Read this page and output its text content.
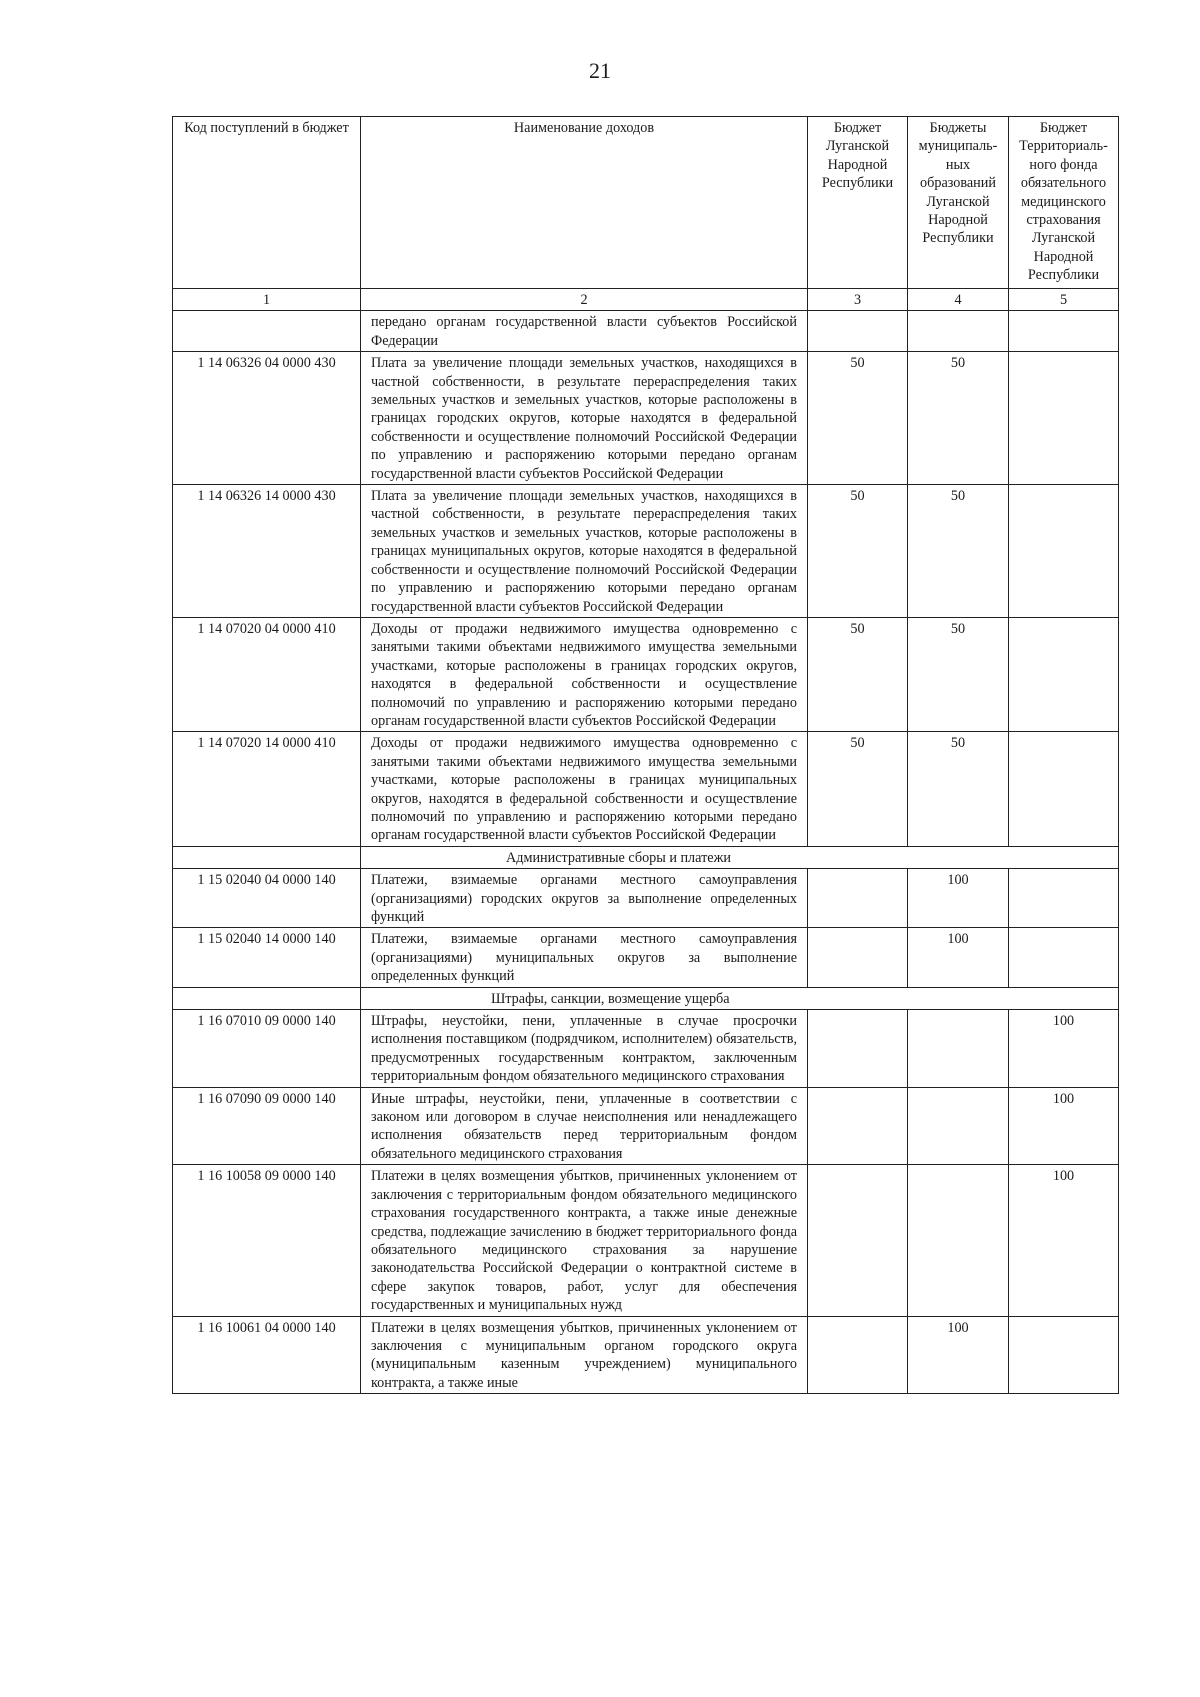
21
Код поступлений в бюджет	Наименование доходов	Бюджет Луганской Народной Республики	Бюджеты муниципаль-ных образований Луганской Народной Республики	Бюджет Территориаль-ного фонда обязательного медицинского страхования Луганской Народной Республики
1	2	3	4	5
	передано органам государственной власти субъектов Российской Федерации			
1 14 06326 04 0000 430	Плата за увеличение площади земельных участков, находящихся в частной собственности, в результате перераспределения таких земельных участков и земельных участков, которые расположены в границах городских округов, которые находятся в федеральной собственности и осуществление полномочий Российской Федерации по управлению и распоряжению которыми передано органам государственной власти субъектов Российской Федерации	50	50	
1 14 06326 14 0000 430	Плата за увеличение площади земельных участков, находящихся в частной собственности, в результате перераспределения таких земельных участков и земельных участков, которые расположены в границах муниципальных округов, которые находятся в федеральной собственности и осуществление полномочий Российской Федерации по управлению и распоряжению которыми передано органам государственной власти субъектов Российской Федерации	50	50	
1 14 07020 04 0000 410	Доходы от продажи недвижимого имущества одновременно с занятыми такими объектами недвижимого имущества земельными участками, которые расположены в границах городских округов, находятся в федеральной собственности и осуществление полномочий по управлению и распоряжению которыми передано органам государственной власти субъектов Российской Федерации	50	50	
1 14 07020 14 0000 410	Доходы от продажи недвижимого имущества одновременно с занятыми такими объектами недвижимого имущества земельными участками, которые расположены в границах муниципальных округов, находятся в федеральной собственности и осуществление полномочий по управлению и распоряжению которыми передано органам государственной власти субъектов Российской Федерации	50	50	
	Административные сборы и платежи			
1 15 02040 04 0000 140	Платежи, взимаемые органами местного самоуправления (организациями) городских округов за выполнение определенных функций		100	
1 15 02040 14 0000 140	Платежи, взимаемые органами местного самоуправления (организациями) муниципальных округов за выполнение определенных функций		100	
	Штрафы, санкции, возмещение ущерба			
1 16 07010 09 0000 140	Штрафы, неустойки, пени, уплаченные в случае просрочки исполнения поставщиком (подрядчиком, исполнителем) обязательств, предусмотренных государственным контрактом, заключенным территориальным фондом обязательного медицинского страхования			100
1 16 07090 09 0000 140	Иные штрафы, неустойки, пени, уплаченные в соответствии с законом или договором в случае неисполнения или ненадлежащего исполнения обязательств перед территориальным фондом обязательного медицинского страхования			100
1 16 10058 09 0000 140	Платежи в целях возмещения убытков, причиненных уклонением от заключения с территориальным фондом обязательного медицинского страхования государственного контракта, а также иные денежные средства, подлежащие зачислению в бюджет территориального фонда обязательного медицинского страхования за нарушение законодательства Российской Федерации о контрактной системе в сфере закупок товаров, работ, услуг для обеспечения государственных и муниципальных нужд			100
1 16 10061 04 0000 140	Платежи в целях возмещения убытков, причиненных уклонением от заключения с муниципальным органом городского округа (муниципальным казенным учреждением) муниципального контракта, а также иные		100	
